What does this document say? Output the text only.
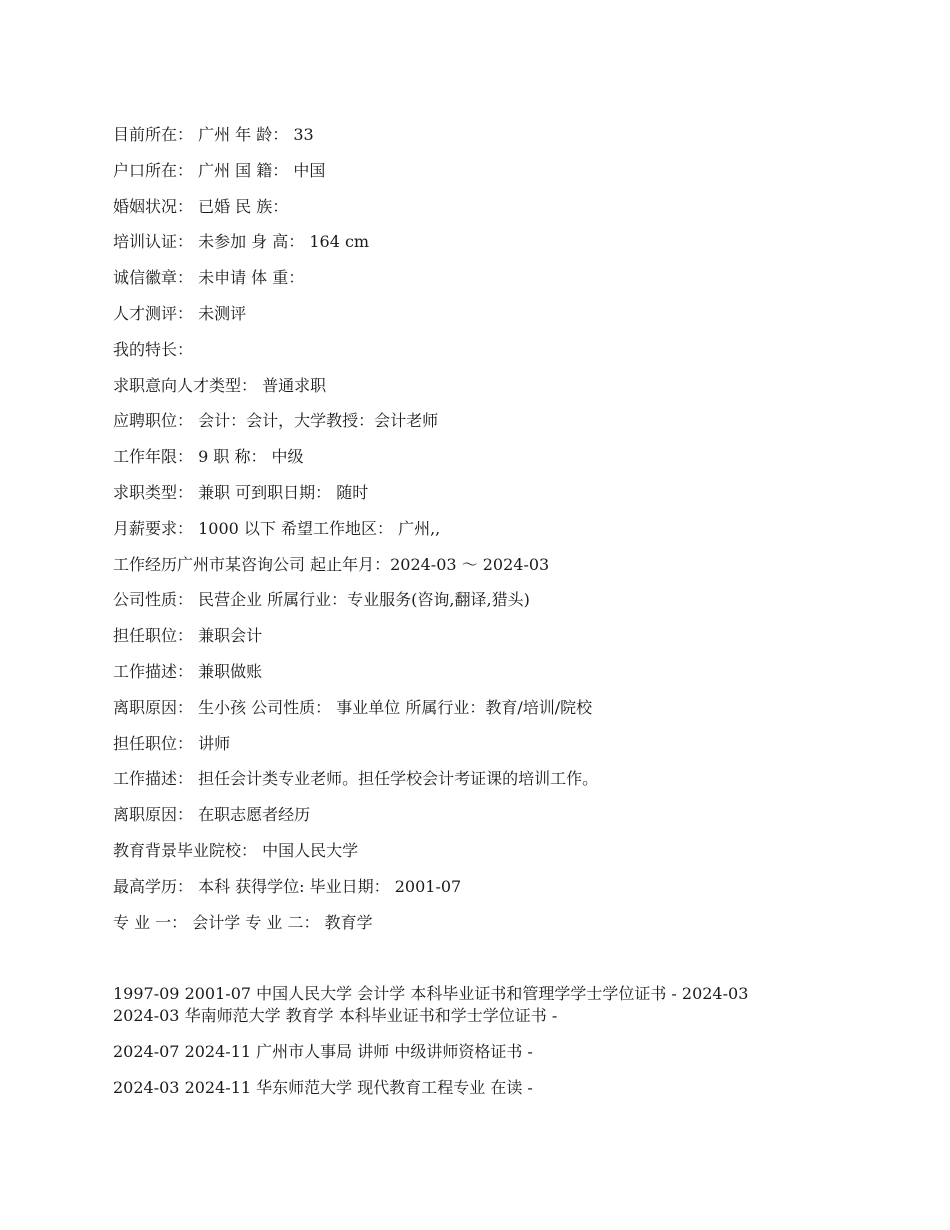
目前所在： 广州 年 龄： 33
户口所在： 广州 国 籍： 中国
婚姻状况： 已婚 民 族：
培训认证： 未参加 身 高： 164 cm
诚信徽章： 未申请 体 重：
人才测评： 未测评
我的特长：
求职意向人才类型： 普通求职
应聘职位： 会计：会计，大学教授：会计老师
工作年限： 9 职 称： 中级
求职类型： 兼职 可到职日期： 随时
月薪要求： 1000 以下 希望工作地区： 广州,,
工作经历广州市某咨询公司 起止年月：2024-03 ～ 2024-03
公司性质： 民营企业 所属行业：专业服务(咨询,翻译,猎头)
担任职位： 兼职会计
工作描述： 兼职做账
离职原因： 生小孩 公司性质： 事业单位 所属行业：教育/培训/院校
担任职位： 讲师
工作描述： 担任会计类专业老师。担任学校会计考证课的培训工作。
离职原因： 在职志愿者经历
教育背景毕业院校： 中国人民大学
最高学历： 本科 获得学位: 毕业日期： 2001-07
专 业 一： 会计学 专 业 二： 教育学
1997-09 2001-07 中国人民大学 会计学 本科毕业证书和管理学学士学位证书 - 2024-03
2024-03 华南师范大学 教育学 本科毕业证书和学士学位证书 -
2024-07 2024-11 广州市人事局 讲师 中级讲师资格证书 -
2024-03 2024-11 华东师范大学 现代教育工程专业 在读 -
